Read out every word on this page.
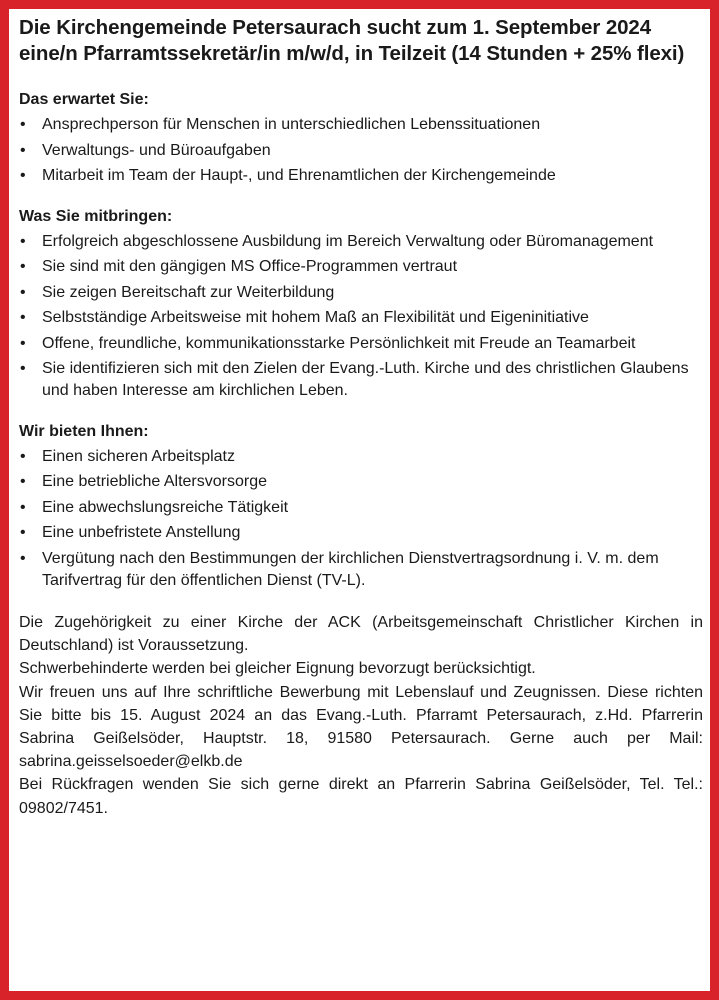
Die Kirchengemeinde Petersaurach sucht zum 1. September 2024 eine/n Pfarramtssekretär/in m/w/d, in Teilzeit (14 Stunden + 25% flexi)
Das erwartet Sie:
• Ansprechperson für Menschen in unterschiedlichen Lebenssituationen
• Verwaltungs- und Büroaufgaben
• Mitarbeit im Team der Haupt-, und Ehrenamtlichen der Kirchengemeinde
Was Sie mitbringen:
• Erfolgreich abgeschlossene Ausbildung im Bereich Verwaltung oder Büromanagement
• Sie sind mit den gängigen MS Office-Programmen vertraut
• Sie zeigen Bereitschaft zur Weiterbildung
• Selbstständige Arbeitsweise mit hohem Maß an Flexibilität und Eigeninitiative
• Offene, freundliche, kommunikationsstarke Persönlichkeit mit Freude an Teamarbeit
• Sie identifizieren sich mit den Zielen der Evang.-Luth. Kirche und des christlichen Glaubens und haben Interesse am kirchlichen Leben.
Wir bieten Ihnen:
• Einen sicheren Arbeitsplatz
• Eine betriebliche Altersvorsorge
• Eine abwechslungsreiche Tätigkeit
• Eine unbefristete Anstellung
• Vergütung nach den Bestimmungen der kirchlichen Dienstvertragsordnung i. V. m. dem Tarifvertrag für den öffentlichen Dienst (TV-L).

Die Zugehörigkeit zu einer Kirche der ACK (Arbeitsgemeinschaft Christlicher Kirchen in Deutschland) ist Voraussetzung.

Schwerbehinderte werden bei gleicher Eignung bevorzugt berücksichtigt.

Wir freuen uns auf Ihre schriftliche Bewerbung mit Lebenslauf und Zeugnissen. Diese richten Sie bitte bis 15. August 2024 an das Evang.-Luth. Pfarramt Petersaurach, z.Hd. Pfarrerin Sabrina Geißelsöder, Hauptstr. 18, 91580 Petersaurach. Gerne auch per Mail: sabrina.geisselsoeder@elkb.de

Bei Rückfragen wenden Sie sich gerne direkt an Pfarrerin Sabrina Geißelsöder, Tel. Tel.: 09802/7451.
